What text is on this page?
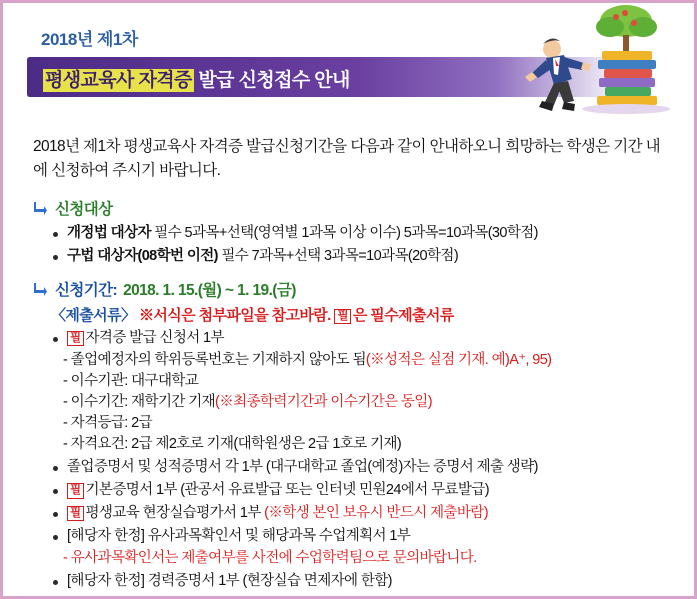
2018년 제1차
평생교육사 자격증 발급 신청접수 안내

2018년 제1차 평생교육사 자격증 발급신청기간을 다음과 같이 안내하오니 희망하는 학생은 기간 내에 신청하여 주시기 바랍니다.

신청대상
개정법 대상자 필수 5과목+선택(영역별 1과목 이상 이수) 5과목=10과목(30학점)
구법 대상자(08학번 이전) 필수 7과목+선택 3과목=10과목(20학점)
신청기간: 2018. 1. 15.(월) ~ 1. 19.(금)
〈제출서류〉 ※서식은 첨부파일을 참고바람. 필 은 필수제출서류
필 자격증 발급 신청서 1부
- 졸업예정자의 학위등록번호는 기재하지 않아도 됨(※성적은 실점 기재. 예)A⁺, 95)
- 이수기관: 대구대학교
- 이수기간: 재학기간 기재(※최종학력기간과 이수기간은 동일)
- 자격등급: 2급
- 자격요건: 2급 제2호로 기재(대학원생은 2급 1호로 기재)
졸업증명서 및 성적증명서 각 1부 (대구대학교 졸업(예정)자는 증명서 제출 생략)
필 기본증명서 1부 (관공서 유료발급 또는 인터넷 민원24에서 무료발급)
필 평생교육 현장실습평가서 1부 (※학생 본인 보유시 반드시 제출바람)
[해당자 한정] 유사과목확인서 및 해당과목 수업계획서 1부
- 유사과목확인서는 제출여부를 사전에 수업학력팀으로 문의바랍니다.
[해당자 한정] 경력증명서 1부 (현장실습 면제자에 한함)
